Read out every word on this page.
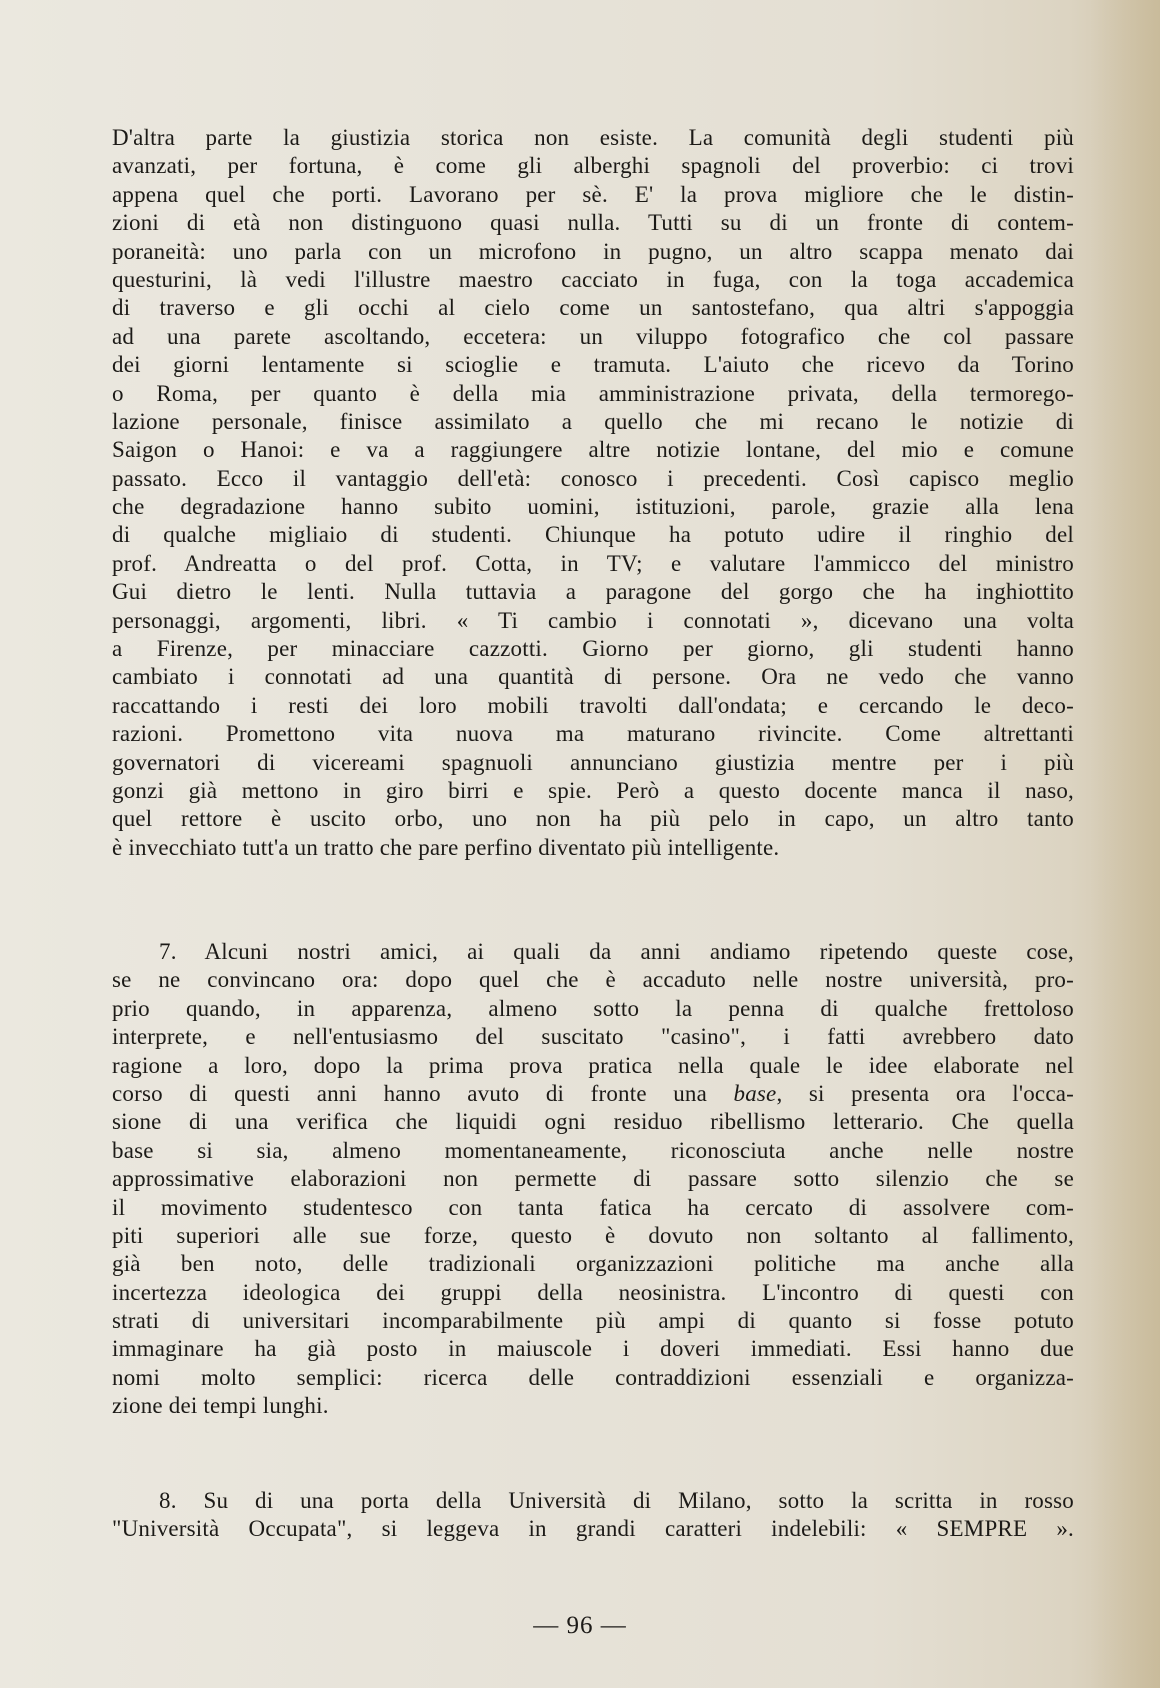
D'altra parte la giustizia storica non esiste. La comunità degli studenti più
avanzati, per fortuna, è come gli alberghi spagnoli del proverbio: ci trovi
appena quel che porti. Lavorano per sè. E' la prova migliore che le distin-
zioni di età non distinguono quasi nulla. Tutti su di un fronte di contem-
poraneità: uno parla con un microfono in pugno, un altro scappa menato dai
questurini, là vedi l'illustre maestro cacciato in fuga, con la toga accademica
di traverso e gli occhi al cielo come un santostefano, qua altri s'appoggia
ad una parete ascoltando, eccetera: un viluppo fotografico che col passare
dei giorni lentamente si scioglie e tramuta. L'aiuto che ricevo da Torino
o Roma, per quanto è della mia amministrazione privata, della termorego-
lazione personale, finisce assimilato a quello che mi recano le notizie di
Saigon o Hanoi: e va a raggiungere altre notizie lontane, del mio e comune
passato. Ecco il vantaggio dell'età: conosco i precedenti. Così capisco meglio
che degradazione hanno subito uomini, istituzioni, parole, grazie alla lena
di qualche migliaio di studenti. Chiunque ha potuto udire il ringhio del
prof. Andreatta o del prof. Cotta, in TV; e valutare l'ammicco del ministro
Gui dietro le lenti. Nulla tuttavia a paragone del gorgo che ha inghiottito
personaggi, argomenti, libri. « Ti cambio i connotati », dicevano una volta
a Firenze, per minacciare cazzotti. Giorno per giorno, gli studenti hanno
cambiato i connotati ad una quantità di persone. Ora ne vedo che vanno
raccattando i resti dei loro mobili travolti dall'ondata; e cercando le deco-
razioni. Promettono vita nuova ma maturano rivincite. Come altrettanti
governatori di vicereami spagnuoli annunciano giustizia mentre per i più
gonzi già mettono in giro birri e spie. Però a questo docente manca il naso,
quel rettore è uscito orbo, uno non ha più pelo in capo, un altro tanto
è invecchiato tutt'a un tratto che pare perfino diventato più intelligente.
7. Alcuni nostri amici, ai quali da anni andiamo ripetendo queste cose,
se ne convincano ora: dopo quel che è accaduto nelle nostre università, pro-
prio quando, in apparenza, almeno sotto la penna di qualche frettoloso
interprete, e nell'entusiasmo del suscitato "casino", i fatti avrebbero dato
ragione a loro, dopo la prima prova pratica nella quale le idee elaborate nel
corso di questi anni hanno avuto di fronte una base, si presenta ora l'occa-
sione di una verifica che liquidi ogni residuo ribellismo letterario. Che quella
base si sia, almeno momentaneamente, riconosciuta anche nelle nostre
approssimative elaborazioni non permette di passare sotto silenzio che se
il movimento studentesco con tanta fatica ha cercato di assolvere com-
piti superiori alle sue forze, questo è dovuto non soltanto al fallimento,
già ben noto, delle tradizionali organizzazioni politiche ma anche alla
incertezza ideologica dei gruppi della neosinistra. L'incontro di questi con
strati di universitari incomparabilmente più ampi di quanto si fosse potuto
immaginare ha già posto in maiuscole i doveri immediati. Essi hanno due
nomi molto semplici: ricerca delle contraddizioni essenziali e organizza-
zione dei tempi lunghi.
8. Su di una porta della Università di Milano, sotto la scritta in rosso
"Università Occupata", si leggeva in grandi caratteri indelebili: « SEMPRE ».
— 96 —
